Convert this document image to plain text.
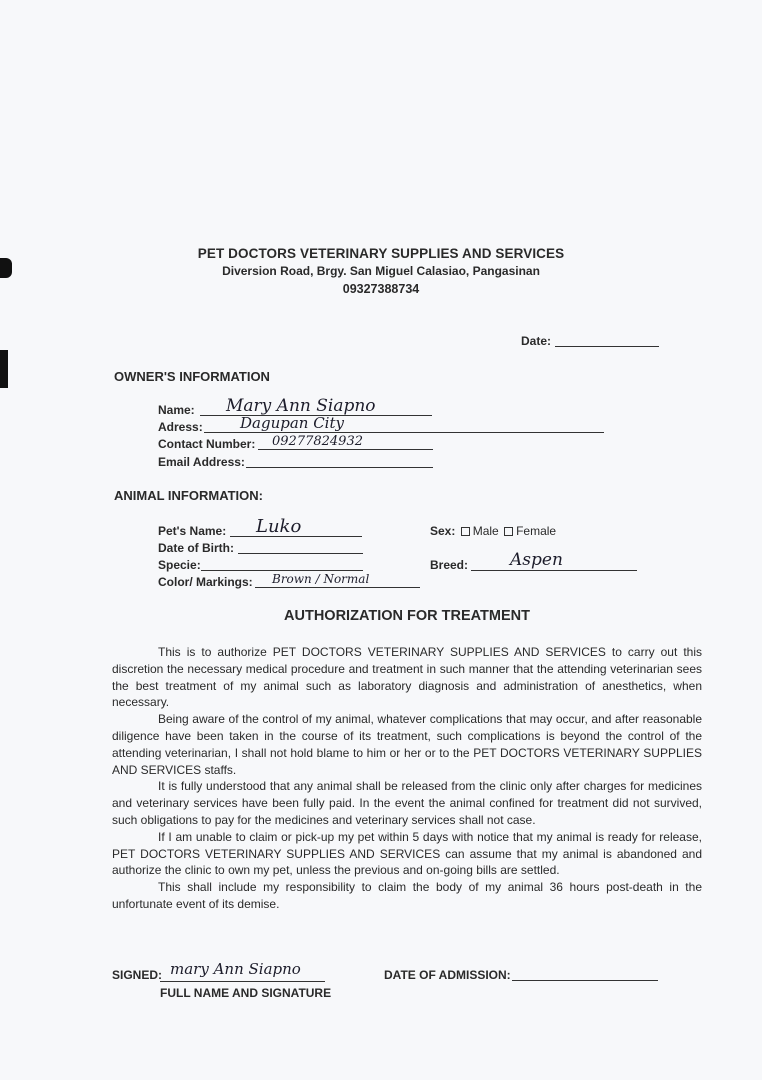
PET DOCTORS VETERINARY SUPPLIES AND SERVICES
Diversion Road, Brgy. San Miguel Calasiao, Pangasinan
09327388734
Date:
OWNER'S INFORMATION
Name: Mary Ann Siapno
Adress: Dagupan City
Contact Number: 09277824932
Email Address:
ANIMAL INFORMATION:
Pet's Name: Luko
Date of Birth:
Specie:
Color/ Markings: Brown / Normal
Sex: Male Female
Breed: Aspen
AUTHORIZATION FOR TREATMENT

This is to authorize PET DOCTORS VETERINARY SUPPLIES AND SERVICES to carry out this discretion the necessary medical procedure and treatment in such manner that the attending veterinarian sees the best treatment of my animal such as laboratory diagnosis and administration of anesthetics, when necessary.

Being aware of the control of my animal, whatever complications that may occur, and after reasonable diligence have been taken in the course of its treatment, such complications is beyond the control of the attending veterinarian, I shall not hold blame to him or her or to the PET DOCTORS VETERINARY SUPPLIES AND SERVICES staffs.

It is fully understood that any animal shall be released from the clinic only after charges for medicines and veterinary services have been fully paid. In the event the animal confined for treatment did not survived, such obligations to pay for the medicines and veterinary services shall not case.

If I am unable to claim or pick-up my pet within 5 days with notice that my animal is ready for release, PET DOCTORS VETERINARY SUPPLIES AND SERVICES can assume that my animal is abandoned and authorize the clinic to own my pet, unless the previous and on-going bills are settled.

This shall include my responsibility to claim the body of my animal 36 hours post-death in the unfortunate event of its demise.

SIGNED: mary Ann Siapno
FULL NAME AND SIGNATURE
DATE OF ADMISSION:
